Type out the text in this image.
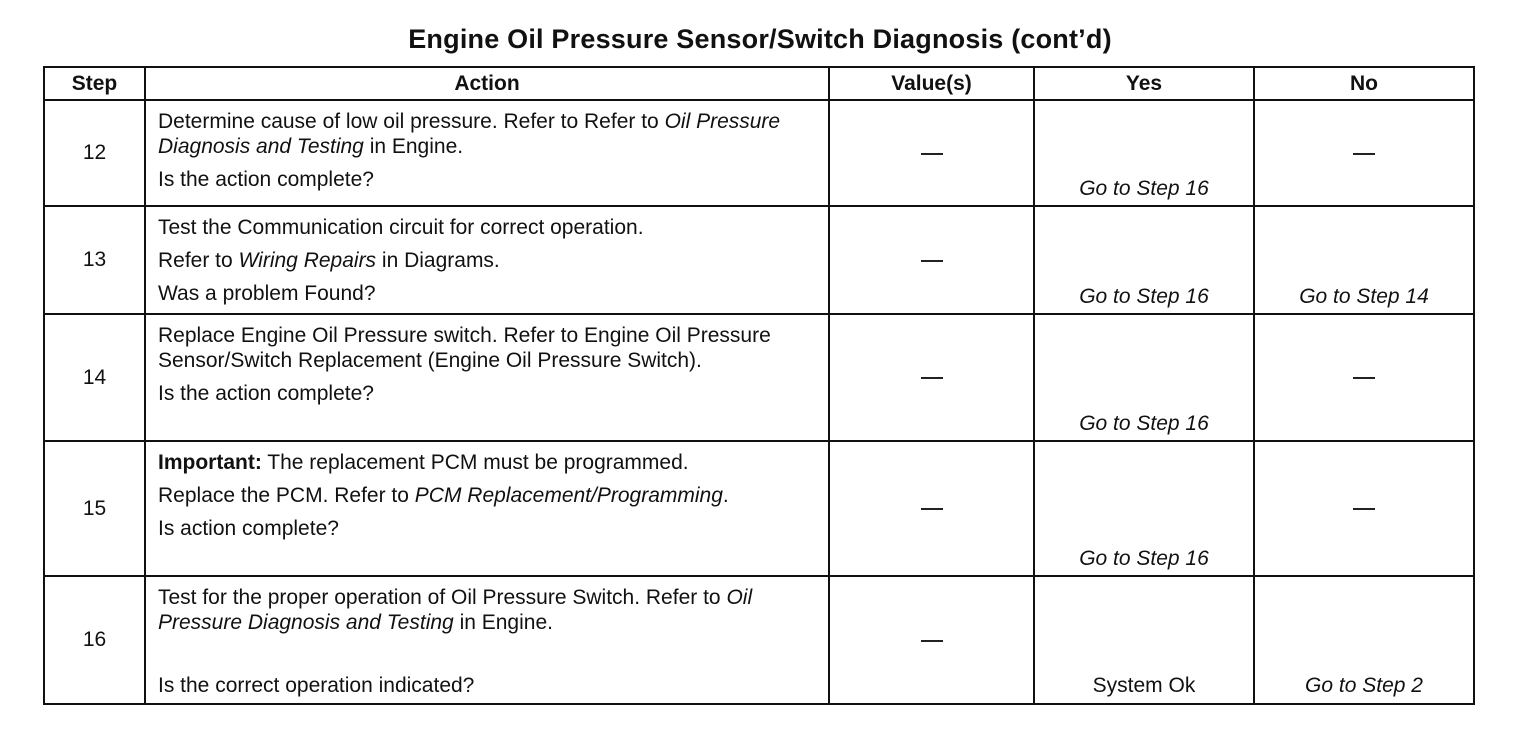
Engine Oil Pressure Sensor/Switch Diagnosis (cont’d)
Step	Action	Value(s)	Yes	No
12	Determine cause of low oil pressure. Refer to Refer to Oil Pressure Diagnosis and Testing in Engine.

Is the action complete?		Go to Step 16	
13	Test the Communication circuit for correct operation.

Refer to Wiring Repairs in Diagrams.

Was a problem Found?		Go to Step 16	Go to Step 14
14	Replace Engine Oil Pressure switch. Refer to Engine Oil Pressure Sensor/Switch Replacement (Engine Oil Pressure Switch).

Is the action complete?		Go to Step 16	
15	Important: The replacement PCM must be programmed.

Replace the PCM. Refer to PCM Replacement/Programming.

Is action complete?		Go to Step 16	
16	Test for the proper operation of Oil Pressure Switch. Refer to Oil Pressure Diagnosis and Testing in Engine.

Is the correct operation indicated?		System Ok	Go to Step 2
